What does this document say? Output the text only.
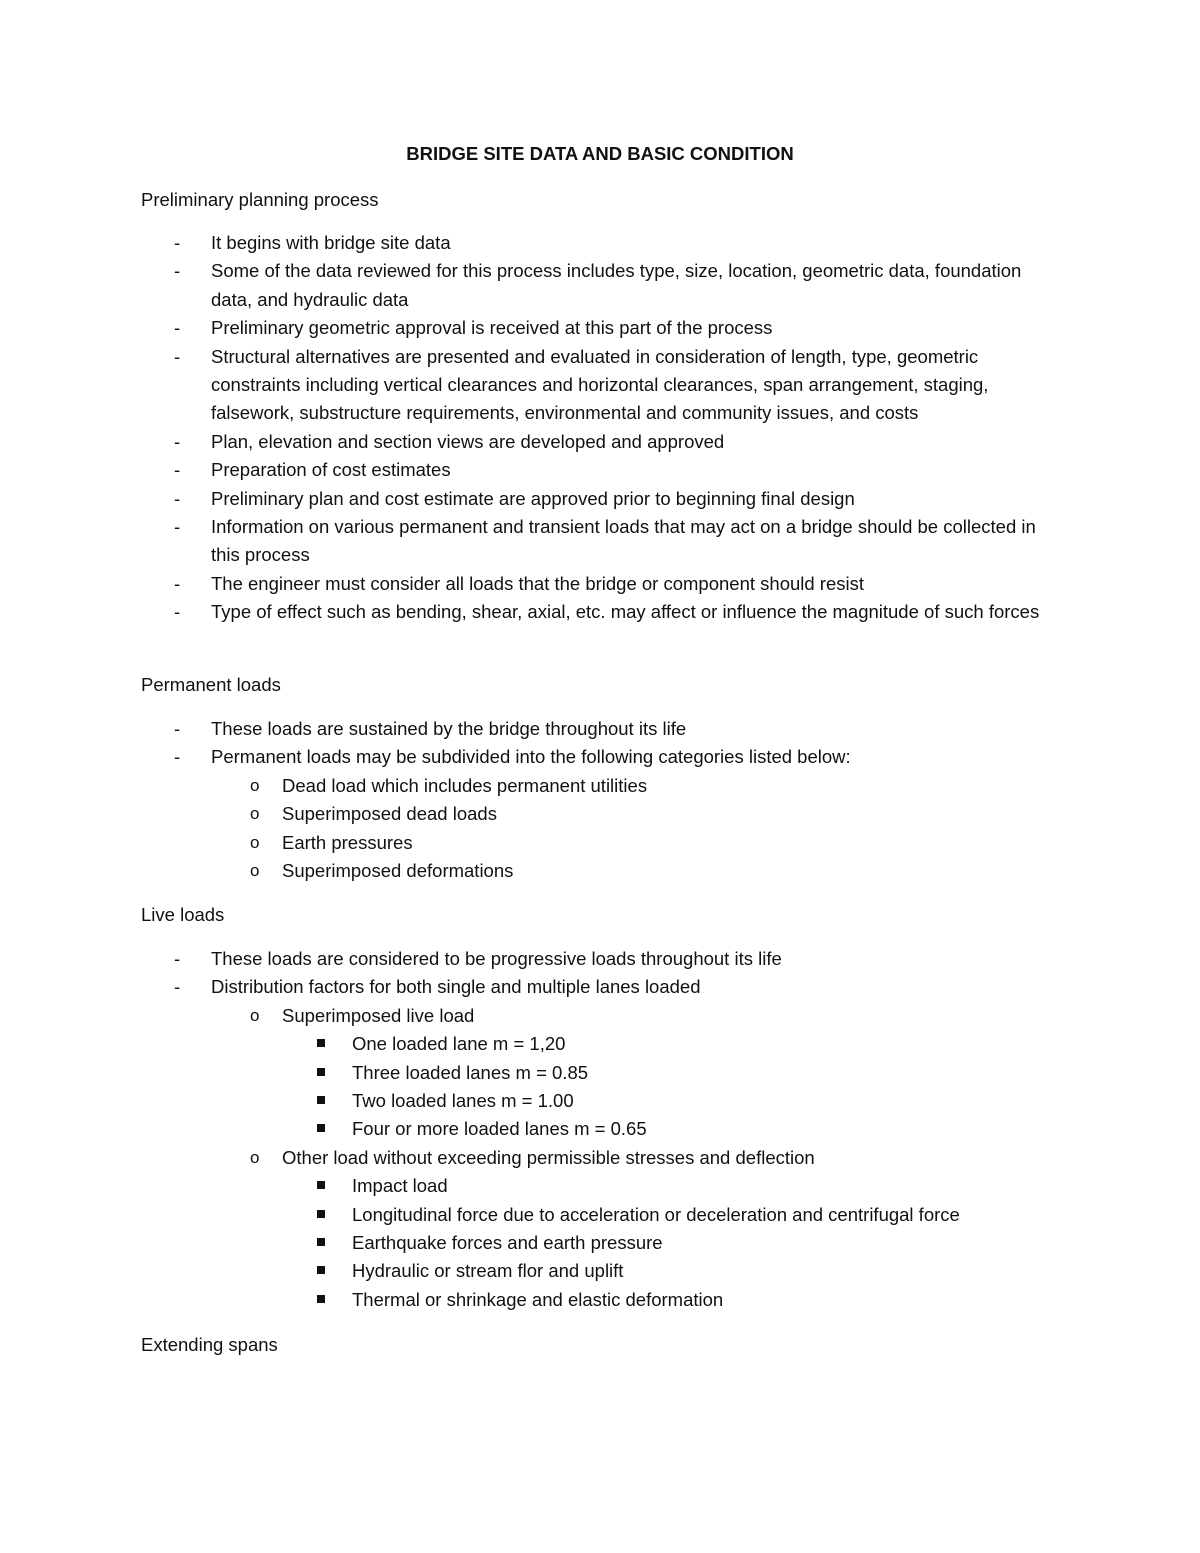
BRIDGE SITE DATA AND BASIC CONDITION
Preliminary planning process
- It begins with bridge site data
- Some of the data reviewed for this process includes type, size, location, geometric data, foundation data, and hydraulic data
- Preliminary geometric approval is received at this part of the process
- Structural alternatives are presented and evaluated in consideration of length, type, geometric constraints including vertical clearances and horizontal clearances, span arrangement, staging, falsework, substructure requirements, environmental and community issues, and costs
- Plan, elevation and section views are developed and approved
- Preparation of cost estimates
- Preliminary plan and cost estimate are approved prior to beginning final design
- Information on various permanent and transient loads that may act on a bridge should be collected in this process
- The engineer must consider all loads that the bridge or component should resist
- Type of effect such as bending, shear, axial, etc. may affect or influence the magnitude of such forces
Permanent loads
- These loads are sustained by the bridge throughout its life
- Permanent loads may be subdivided into the following categories listed below:
o Dead load which includes permanent utilities
o Superimposed dead loads
o Earth pressures
o Superimposed deformations
Live loads
- These loads are considered to be progressive loads throughout its life
- Distribution factors for both single and multiple lanes loaded
o Superimposed live load
One loaded lane m = 1,20
Three loaded lanes m = 0.85
Two loaded lanes m = 1.00
Four or more loaded lanes m = 0.65
o Other load without exceeding permissible stresses and deflection
Impact load
Longitudinal force due to acceleration or deceleration and centrifugal force
Earthquake forces and earth pressure
Hydraulic or stream flor and uplift
Thermal or shrinkage and elastic deformation
Extending spans
